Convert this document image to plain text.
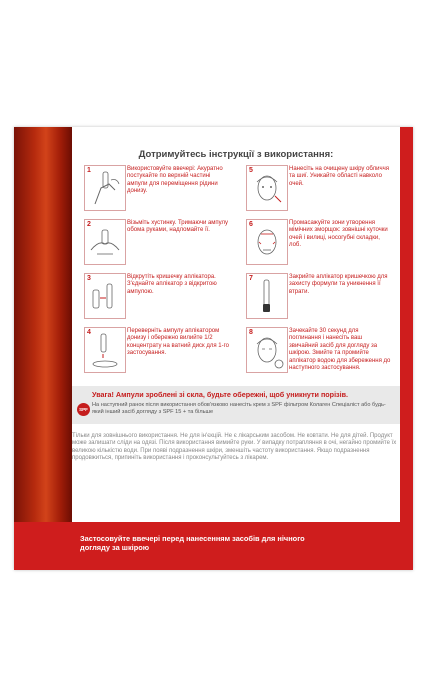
Дотримуйтесь інструкції з використання:
1	Використовуйте ввечері: Акуратно постукайте по верхній частині ампули для переміщення рідини донизу.
2	Візьміть хустинку. Тримаючи ампулу обома руками, надломайте її.
3	Відкрутіть кришечку аплікатора. З'єднайте аплікатор з відкритою ампулою.
4	Переверніть ампулу аплікатором донизу і обережно вилийте 1/2 концентрату на ватний диск для 1-го застосування.
5	Нанесіть на очищену шкіру обличчя та шиї. Уникайте області навколо очей.
6	Промасажуйте зони утворення мімічних зморщок: зовнішні куточки очей і вилиці, носогубні складки, лоб.
7	Закрийте аплікатор кришечкою для захисту формули та уникнення її втрати.
8	Зачекайте 30 секунд для поглинання і нанесіть ваш звичайний засіб для догляду за шкірою. Змийте та промийте аплікатор водою для збереження до наступного застосування.
Увага! Ампули зроблені зі скла, будьте обережні, щоб уникнути порізів.
SPF
На наступний ранок після використання обов'язково нанесіть крем з SPF фільтром Колаген Спеціаліст або будь-який інший засіб догляду з SPF 15 + та більше
Тільки для зовнішнього використання. Не для ін'єкцій. Не є лікарським засобом. Не ковтати. Не для дітей. Продукт може залишати сліди на одязі. Після використання вимийте руки. У випадку потрапляння в очі, негайно промийте їх великою кількістю води. При появі подразнення шкіри, зменшіть частоту використання. Якщо подразнення продовжиться, припиніть використання і проконсультуйтесь з лікарем.
Застосовуйте ввечері перед нанесенням засобів для нічного догляду за шкірою
